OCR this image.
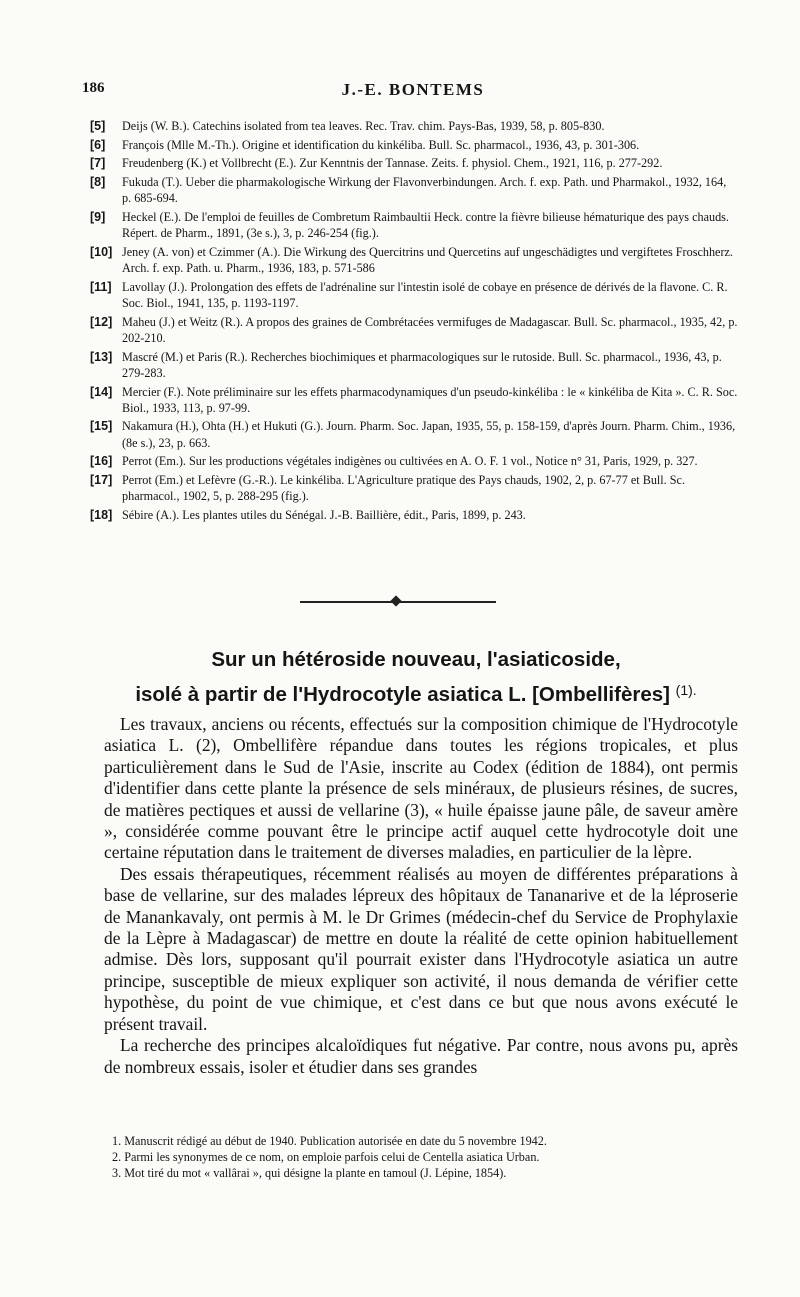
186	J.-E. BONTEMS
[5] Deijs (W. B.). Catechins isolated from tea leaves. Rec. Trav. chim. Pays-Bas, 1939, 58, p. 805-830.
[6] François (Mlle M.-Th.). Origine et identification du kinkéliba. Bull. Sc. pharmacol., 1936, 43, p. 301-306.
[7] Freudenberg (K.) et Vollbrecht (E.). Zur Kenntnis der Tannase. Zeits. f. physiol. Chem., 1921, 116, p. 277-292.
[8] Fukuda (T.). Ueber die pharmakologische Wirkung der Flavonverbindungen. Arch. f. exp. Path. und Pharmakol., 1932, 164, p. 685-694.
[9] Heckel (E.). De l'emploi de feuilles de Combretum Raimbaultii Heck. contre la fièvre bilieuse hématurique des pays chauds. Répert. de Pharm., 1891, (3e s.), 3, p. 246-254 (fig.).
[10] Jeney (A. von) et Czimmer (A.). Die Wirkung des Quercitrins und Quercetins auf ungeschädigtes und vergiftetes Froschherz. Arch. f. exp. Path. u. Pharm., 1936, 183, p. 571-586
[11] Lavollay (J.). Prolongation des effets de l'adrénaline sur l'intestin isolé de cobaye en présence de dérivés de la flavone. C. R. Soc. Biol., 1941, 135, p. 1193-1197.
[12] Maheu (J.) et Weitz (R.). A propos des graines de Combrétacées vermifuges de Madagascar. Bull. Sc. pharmacol., 1935, 42, p. 202-210.
[13] Mascré (M.) et Paris (R.). Recherches biochimiques et pharmacologiques sur le rutoside. Bull. Sc. pharmacol., 1936, 43, p. 279-283.
[14] Mercier (F.). Note préliminaire sur les effets pharmacodynamiques d'un pseudo-kinkéliba : le « kinkéliba de Kita ». C. R. Soc. Biol., 1933, 113, p. 97-99.
[15] Nakamura (H.), Ohta (H.) et Hukuti (G.). Journ. Pharm. Soc. Japan, 1935, 55, p. 158-159, d'après Journ. Pharm. Chim., 1936, (8e s.), 23, p. 663.
[16] Perrot (Em.). Sur les productions végétales indigènes ou cultivées en A. O. F. 1 vol., Notice n° 31, Paris, 1929, p. 327.
[17] Perrot (Em.) et Lefèvre (G.-R.). Le kinkéliba. L'Agriculture pratique des Pays chauds, 1902, 2, p. 67-77 et Bull. Sc. pharmacol., 1902, 5, p. 288-295 (fig.).
[18] Sébire (A.). Les plantes utiles du Sénégal. J.-B. Baillière, édit., Paris, 1899, p. 243.
Sur un hétéroside nouveau, l'asiaticoside,
isolé à partir de l'Hydrocotyle asiatica L. [Ombellifères] $^{(1).}$

Les travaux, anciens ou récents, effectués sur la composition chimique de l'Hydrocotyle asiatica L. (2), Ombellifère répandue dans toutes les régions tropicales, et plus particulièrement dans le Sud de l'Asie, inscrite au Codex (édition de 1884), ont permis d'identifier dans cette plante la présence de sels minéraux, de plusieurs résines, de sucres, de matières pectiques et aussi de vellarine (3), « huile épaisse jaune pâle, de saveur amère », considérée comme pouvant être le principe actif auquel cette hydrocotyle doit une certaine réputation dans le traitement de diverses maladies, en particulier de la lèpre.

Des essais thérapeutiques, récemment réalisés au moyen de différentes préparations à base de vellarine, sur des malades lépreux des hôpitaux de Tananarive et de la léproserie de Manankavaly, ont permis à M. le Dr Grimes (médecin-chef du Service de Prophylaxie de la Lèpre à Madagascar) de mettre en doute la réalité de cette opinion habituellement admise. Dès lors, supposant qu'il pourrait exister dans l'Hydrocotyle asiatica un autre principe, susceptible de mieux expliquer son activité, il nous demanda de vérifier cette hypothèse, du point de vue chimique, et c'est dans ce but que nous avons exécuté le présent travail.

La recherche des principes alcaloïdiques fut négative. Par contre, nous avons pu, après de nombreux essais, isoler et étudier dans ses grandes

1. Manuscrit rédigé au début de 1940. Publication autorisée en date du 5 novembre 1942.

2. Parmi les synonymes de ce nom, on emploie parfois celui de Centella asiatica Urban.

3. Mot tiré du mot « vallârai », qui désigne la plante en tamoul (J. Lépine, 1854).
